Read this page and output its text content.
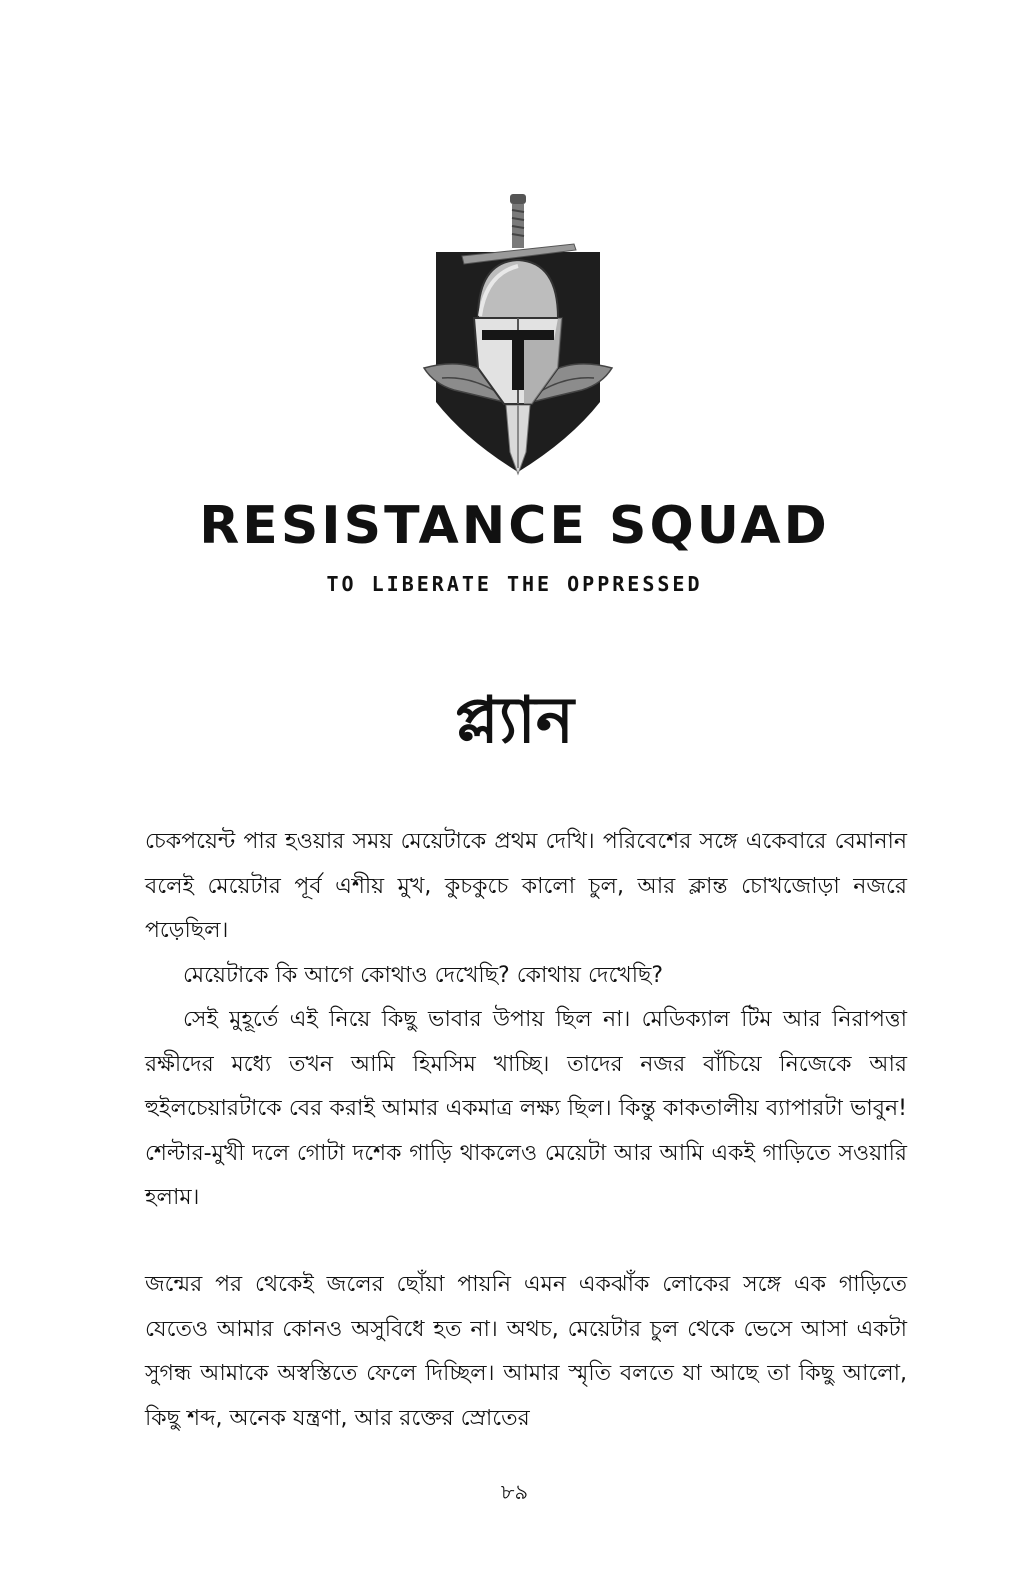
RESISTANCE SQUAD
TO LIBERATE THE OPPRESSED
প্ল্যান

চেকপয়েন্ট পার হওয়ার সময় মেয়েটাকে প্রথম দেখি। পরিবেশের সঙ্গে একেবারে বেমানান বলেই মেয়েটার পূর্ব এশীয় মুখ, কুচকুচে কালো চুল, আর ক্লান্ত চোখজোড়া নজরে পড়েছিল।

মেয়েটাকে কি আগে কোথাও দেখেছি? কোথায় দেখেছি?

সেই মুহূর্তে এই নিয়ে কিছু ভাবার উপায় ছিল না। মেডিক্যাল টিম আর নিরাপত্তা রক্ষীদের মধ্যে তখন আমি হিমসিম খাচ্ছি। তাদের নজর বাঁচিয়ে নিজেকে আর হুইলচেয়ারটাকে বের করাই আমার একমাত্র লক্ষ্য ছিল। কিন্তু কাকতালীয় ব্যাপারটা ভাবুন! শেল্টার-মুখী দলে গোটা দশেক গাড়ি থাকলেও মেয়েটা আর আমি একই গাড়িতে সওয়ারি হলাম।

জন্মের পর থেকেই জলের ছোঁয়া পায়নি এমন একঝাঁক লোকের সঙ্গে এক গাড়িতে যেতেও আমার কোনও অসুবিধে হত না। অথচ, মেয়েটার চুল থেকে ভেসে আসা একটা সুগন্ধ আমাকে অস্বস্তিতে ফেলে দিচ্ছিল। আমার স্মৃতি বলতে যা আছে তা কিছু আলো, কিছু শব্দ, অনেক যন্ত্রণা, আর রক্তের স্রোতের

৮৯
